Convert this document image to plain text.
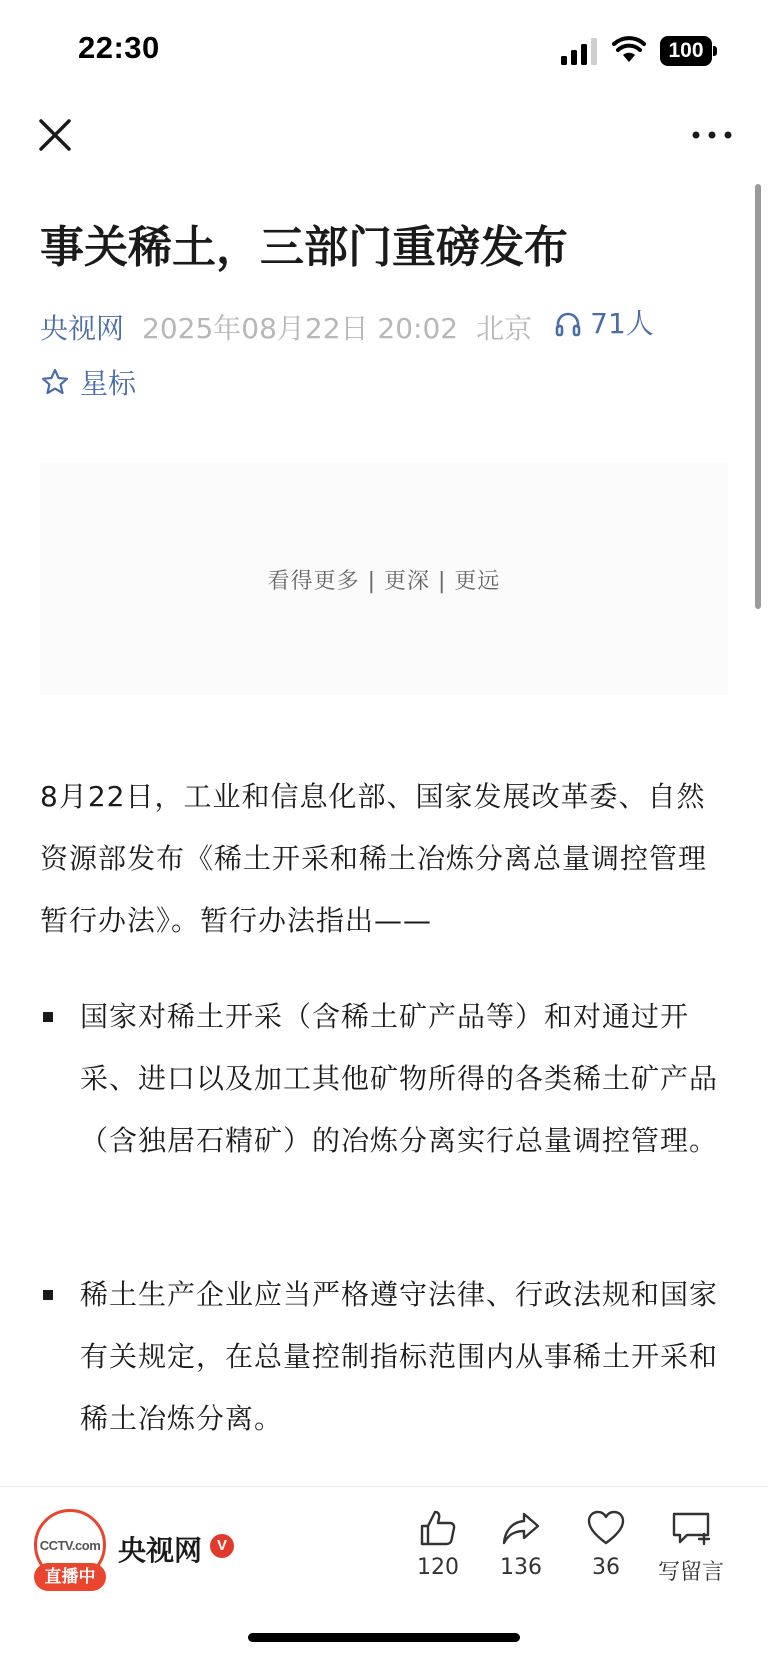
22:30	100
事关稀土，三部门重磅发布
央视网 2025年08月22日 20:02 北京 71人
星标
看得更多 | 更深 | 更远

8月22日，工业和信息化部、国家发展改革委、自然资源部发布《稀土开采和稀土冶炼分离总量调控管理暂行办法》。暂行办法指出——

国家对稀土开采（含稀土矿产品等）和对通过开采、进口以及加工其他矿物所得的各类稀土矿产品（含独居石精矿）的冶炼分离实行总量调控管理。

稀土生产企业应当严格遵守法律、行政法规和国家有关规定，在总量控制指标范围内从事稀土开采和稀土冶炼分离。

CCTV.com
直播中
央视网 V
120	136	36	写留言
